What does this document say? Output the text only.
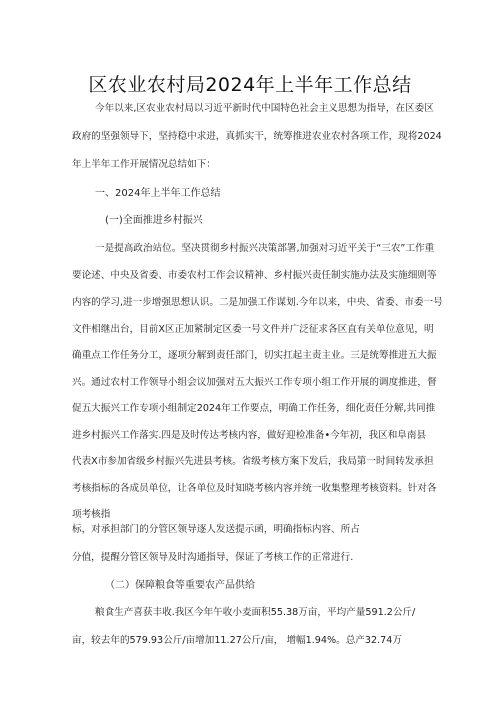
区农业农村局2024年上半年工作总结
今年以来,区农业农村局以习近平新时代中国特色社会主义思想为指导，在区委区
政府的坚强领导下，坚持稳中求进，真抓实干，统筹推进农业农村各项工作，现将2024
年上半年工作开展情况总结如下：
一、2024年上半年工作总结
(一)全面推进乡村振兴
一是提高政治站位。坚决贯彻乡村振兴决策部署,加强对习近平关于“三农”工作重
要论述、中央及省委、市委农村工作会议精神、乡村振兴责任制实施办法及实施细则等
内容的学习,进一步增强思想认识。二是加强工作谋划.今年以来，中央、省委、市委一号
文件相继出台，目前X区正加紧制定区委一号文件并广泛征求各区直有关单位意见，明
确重点工作任务分工，逐项分解到责任部门，切实扛起主责主业。三是统筹推进五大振
兴。通过农村工作领导小组会议加强对五大振兴工作专项小组工作开展的调度推进，督
促五大振兴工作专项小组制定2024年工作要点，明确工作任务，细化责任分解,共同推
进乡村振兴工作落实.四是及时传达考核内容，做好迎检准备•今年初，我区和阜南县
代表X市参加省级乡村振兴先进县考核。省级考核方案下发后，我局第一时间转发承担
考核指标的各成员单位，让各单位及时知晓考核内容并统一收集整理考核资料。针对各
项考核指
标，对承担部门的分管区领导逐人发送提示函，明确指标内容、所占
分值，提醒分管区领导及时沟通指导，保证了考核工作的正常进行.
（二）保障粮食等重要农产品供给
粮食生产喜获丰收.我区今年午收小麦面积55.38万亩，平均产量591.2公斤/
亩，较去年的579.93公斤/亩增加11.27公斤/亩， 增幅1.94%。总产32.74万
